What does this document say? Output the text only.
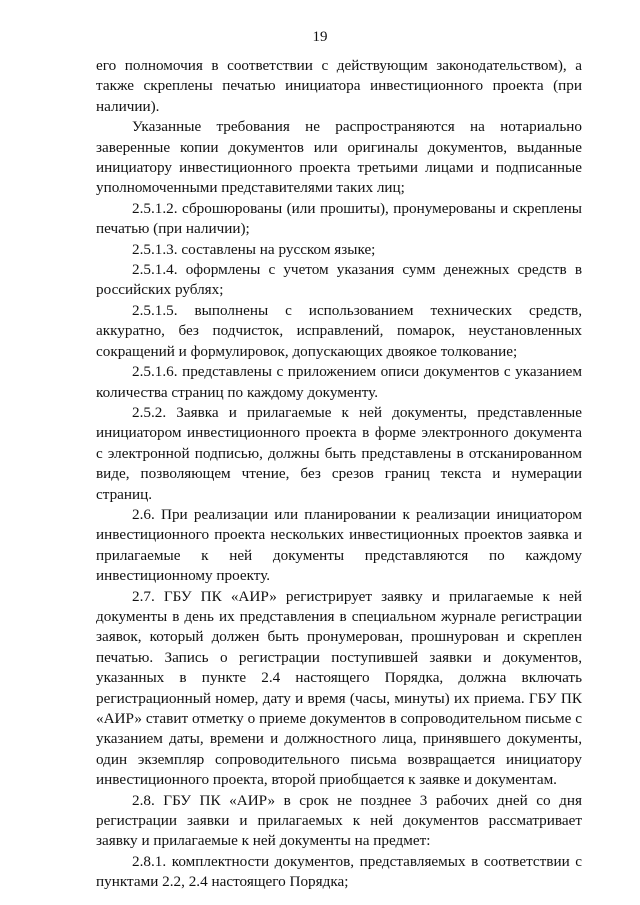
19

его полномочия в соответствии с действующим законодательством), а также скреплены печатью инициатора инвестиционного проекта (при наличии).

Указанные требования не распространяются на нотариально заверенные копии документов или оригиналы документов, выданные инициатору инвестиционного проекта третьими лицами и подписанные уполномоченными представителями таких лиц;

2.5.1.2. сброшюрованы (или прошиты), пронумерованы и скреплены печатью (при наличии);

2.5.1.3. составлены на русском языке;

2.5.1.4. оформлены с учетом указания сумм денежных средств в российских рублях;

2.5.1.5. выполнены с использованием технических средств, аккуратно, без подчисток, исправлений, помарок, неустановленных сокращений и формулировок, допускающих двоякое толкование;

2.5.1.6. представлены с приложением описи документов с указанием количества страниц по каждому документу.

2.5.2. Заявка и прилагаемые к ней документы, представленные инициатором инвестиционного проекта в форме электронного документа с электронной подписью, должны быть представлены в отсканированном виде, позволяющем чтение, без срезов границ текста и нумерации страниц.

2.6. При реализации или планировании к реализации инициатором инвестиционного проекта нескольких инвестиционных проектов заявка и прилагаемые к ней документы представляются по каждому инвестиционному проекту.

2.7. ГБУ ПК «АИР» регистрирует заявку и прилагаемые к ней документы в день их представления в специальном журнале регистрации заявок, который должен быть пронумерован, прошнурован и скреплен печатью. Запись о регистрации поступившей заявки и документов, указанных в пункте 2.4 настоящего Порядка, должна включать регистрационный номер, дату и время (часы, минуты) их приема. ГБУ ПК «АИР» ставит отметку о приеме документов в сопроводительном письме с указанием даты, времени и должностного лица, принявшего документы, один экземпляр сопроводительного письма возвращается инициатору инвестиционного проекта, второй приобщается к заявке и документам.

2.8. ГБУ ПК «АИР» в срок не позднее 3 рабочих дней со дня регистрации заявки и прилагаемых к ней документов рассматривает заявку и прилагаемые к ней документы на предмет:

2.8.1. комплектности документов, представляемых в соответствии с пунктами 2.2, 2.4 настоящего Порядка;
